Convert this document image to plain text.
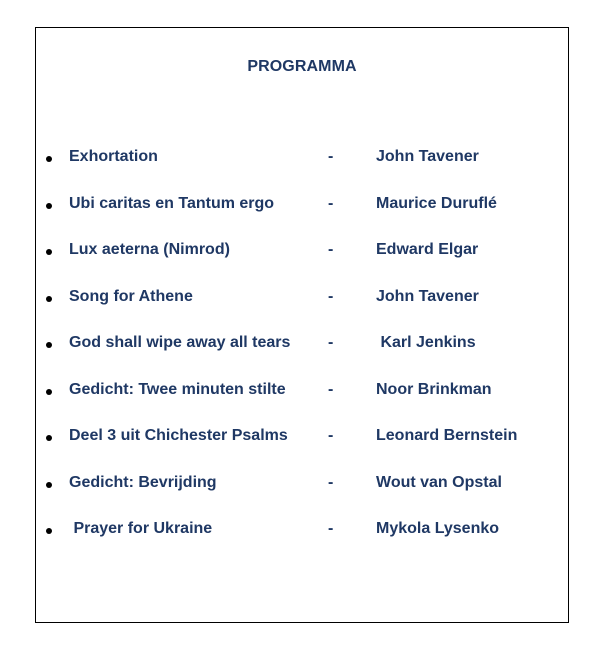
PROGRAMMA
Exhortation	-	John Tavener
Ubi caritas en Tantum ergo	-	Maurice Duruflé
Lux aeterna (Nimrod)	-	Edward Elgar
Song for Athene	-	John Tavener
God shall wipe away all tears -	Karl Jenkins
Gedicht: Twee minuten stilte	-	Noor Brinkman
Deel 3 uit Chichester Psalms	-	Leonard Bernstein
Gedicht: Bevrijding	-	Wout van Opstal
Prayer for Ukraine	-	Mykola Lysenko
